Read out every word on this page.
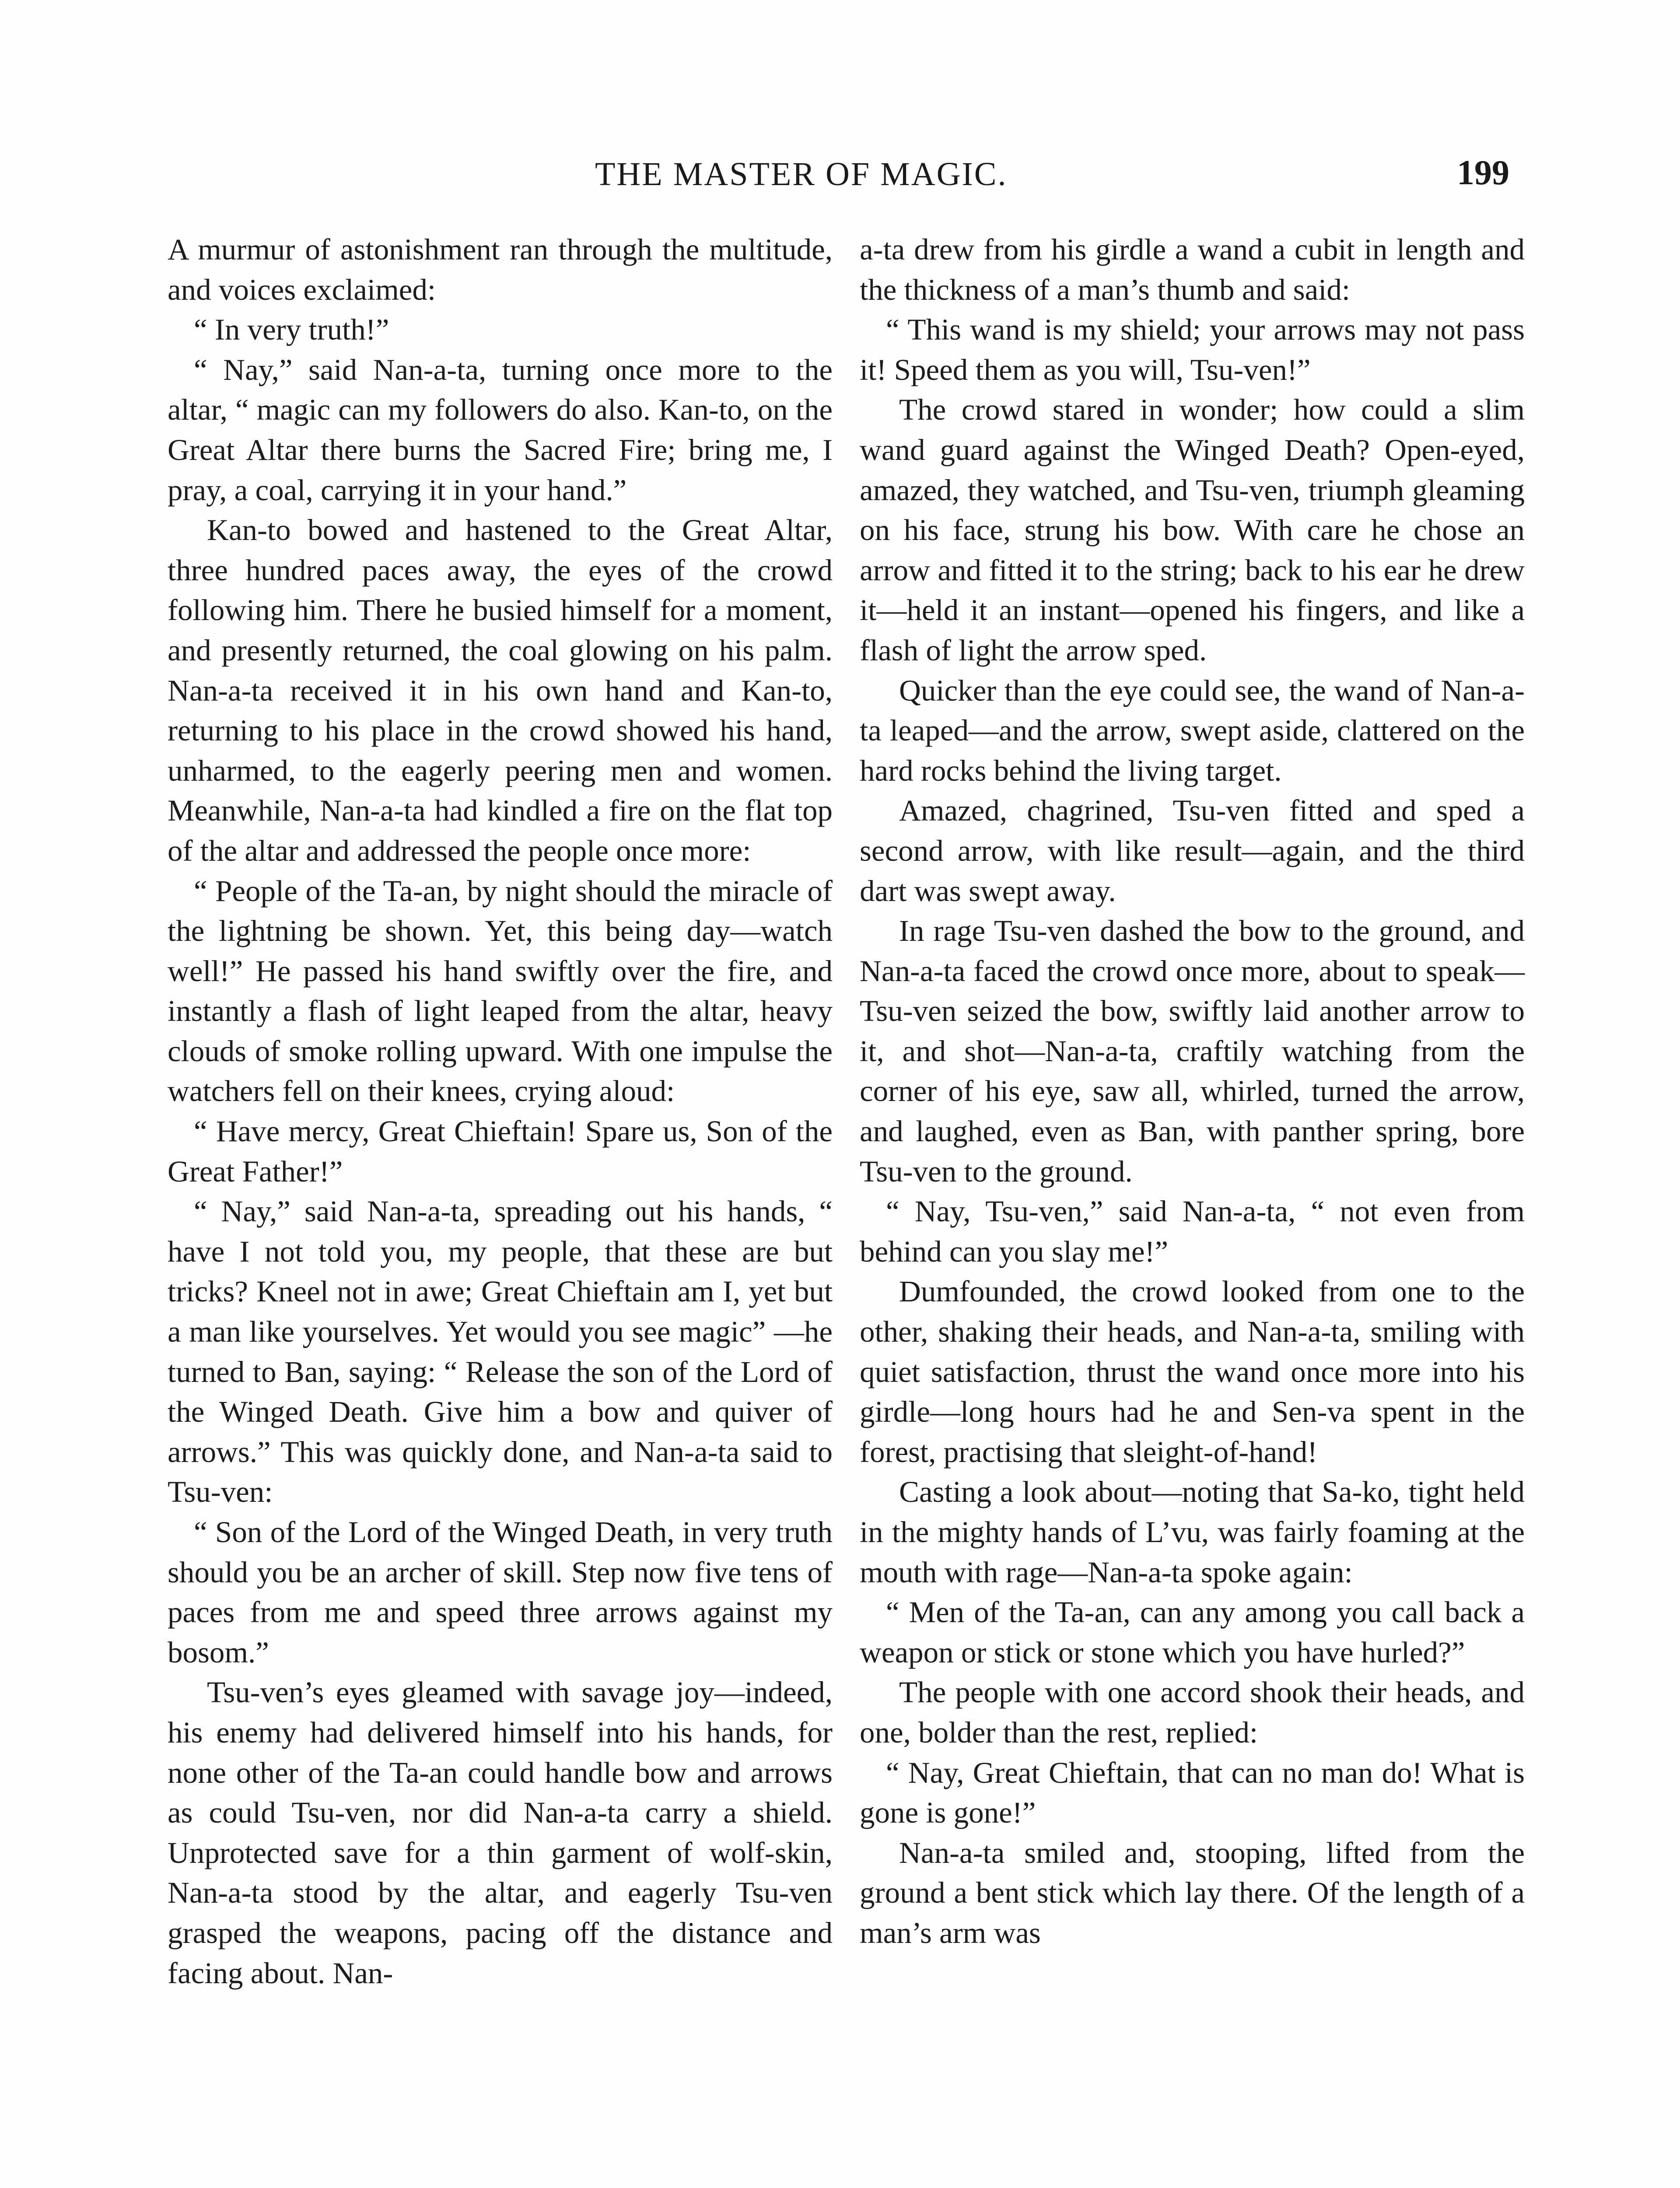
THE MASTER OF MAGIC.	199

A murmur of astonishment ran through the multitude, and voices exclaimed:

“ In very truth!”

“ Nay,” said Nan-a-ta, turning once more to the altar, “ magic can my followers do also. Kan-to, on the Great Altar there burns the Sacred Fire; bring me, I pray, a coal, carrying it in your hand.”

Kan-to bowed and hastened to the Great Altar, three hundred paces away, the eyes of the crowd following him. There he busied himself for a moment, and presently returned, the coal glowing on his palm. Nan-a-ta received it in his own hand and Kan-to, returning to his place in the crowd showed his hand, unharmed, to the eagerly peering men and women. Meanwhile, Nan-a-ta had kindled a fire on the flat top of the altar and addressed the people once more:

“ People of the Ta-an, by night should the miracle of the lightning be shown. Yet, this being day—watch well!” He passed his hand swiftly over the fire, and instantly a flash of light leaped from the altar, heavy clouds of smoke rolling upward. With one impulse the watchers fell on their knees, crying aloud:

“ Have mercy, Great Chieftain! Spare us, Son of the Great Father!”

“ Nay,” said Nan-a-ta, spreading out his hands, “ have I not told you, my people, that these are but tricks? Kneel not in awe; Great Chieftain am I, yet but a man like yourselves. Yet would you see magic” —he turned to Ban, saying: “ Release the son of the Lord of the Winged Death. Give him a bow and quiver of arrows.” This was quickly done, and Nan-a-ta said to Tsu-ven:

“ Son of the Lord of the Winged Death, in very truth should you be an archer of skill. Step now five tens of paces from me and speed three arrows against my bosom.”

Tsu-ven’s eyes gleamed with savage joy—indeed, his enemy had delivered himself into his hands, for none other of the Ta-an could handle bow and arrows as could Tsu-ven, nor did Nan-a-ta carry a shield. Unprotected save for a thin garment of wolf-skin, Nan-a-ta stood by the altar, and eagerly Tsu-ven grasped the weapons, pacing off the distance and facing about. Nan-

a-ta drew from his girdle a wand a cubit in length and the thickness of a man’s thumb and said:

“ This wand is my shield; your arrows may not pass it! Speed them as you will, Tsu-ven!”

The crowd stared in wonder; how could a slim wand guard against the Winged Death? Open-eyed, amazed, they watched, and Tsu-ven, triumph gleaming on his face, strung his bow. With care he chose an arrow and fitted it to the string; back to his ear he drew it—held it an instant—opened his fingers, and like a flash of light the arrow sped.

Quicker than the eye could see, the wand of Nan-a-ta leaped—and the arrow, swept aside, clattered on the hard rocks behind the living target.

Amazed, chagrined, Tsu-ven fitted and sped a second arrow, with like result—again, and the third dart was swept away.

In rage Tsu-ven dashed the bow to the ground, and Nan-a-ta faced the crowd once more, about to speak—Tsu-ven seized the bow, swiftly laid another arrow to it, and shot—Nan-a-ta, craftily watching from the corner of his eye, saw all, whirled, turned the arrow, and laughed, even as Ban, with panther spring, bore Tsu-ven to the ground.

“ Nay, Tsu-ven,” said Nan-a-ta, “ not even from behind can you slay me!”

Dumfounded, the crowd looked from one to the other, shaking their heads, and Nan-a-ta, smiling with quiet satisfaction, thrust the wand once more into his girdle—long hours had he and Sen-va spent in the forest, practising that sleight-of-hand!

Casting a look about—noting that Sa-ko, tight held in the mighty hands of L’vu, was fairly foaming at the mouth with rage—Nan-a-ta spoke again:

“ Men of the Ta-an, can any among you call back a weapon or stick or stone which you have hurled?”

The people with one accord shook their heads, and one, bolder than the rest, replied:

“ Nay, Great Chieftain, that can no man do! What is gone is gone!”

Nan-a-ta smiled and, stooping, lifted from the ground a bent stick which lay there. Of the length of a man’s arm was
